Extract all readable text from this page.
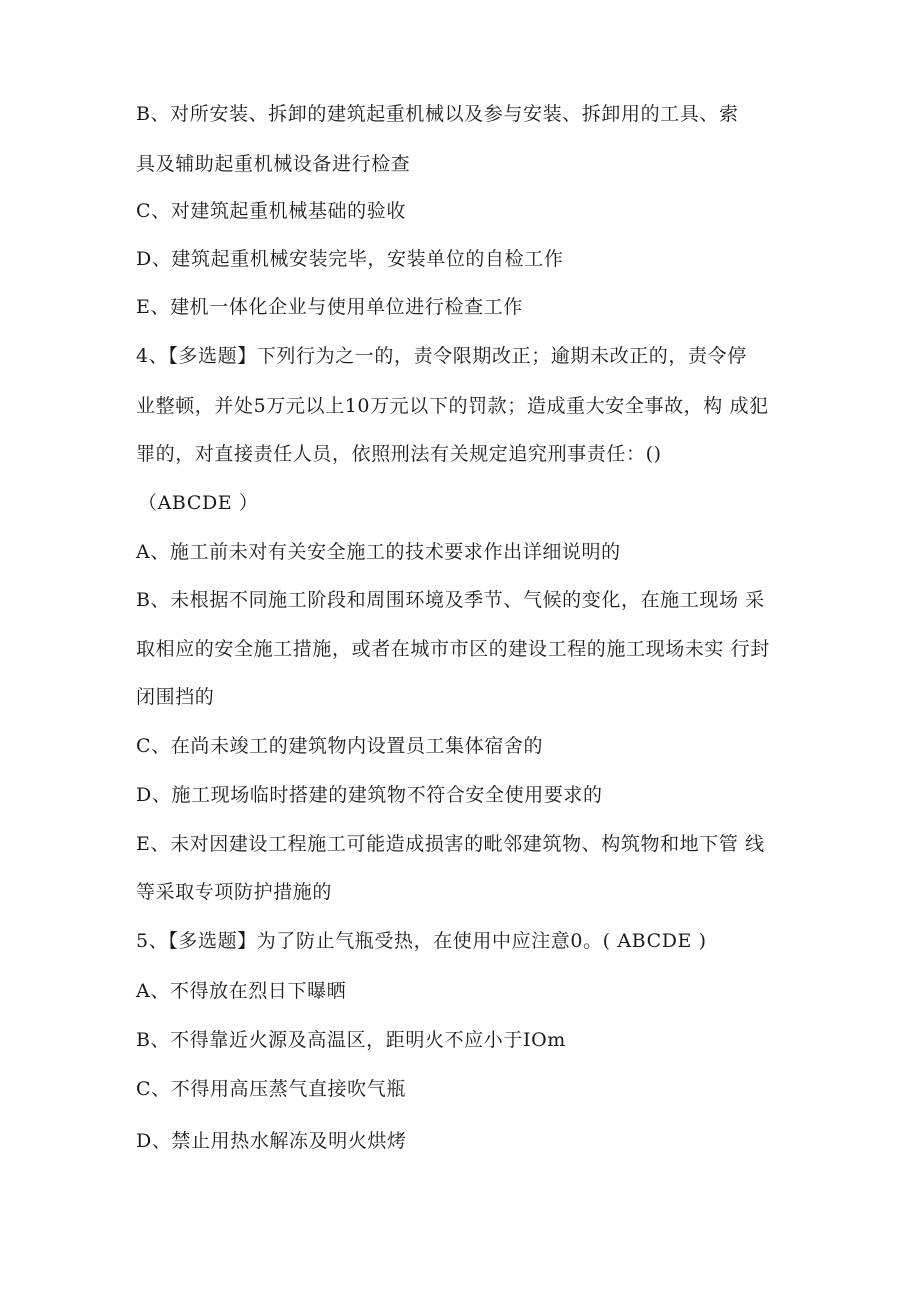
B、对所安装、拆卸的建筑起重机械以及参与安装、拆卸用的工具、索
具及辅助起重机械设备进行检查
C、对建筑起重机械基础的验收
D、建筑起重机械安装完毕，安装单位的自检工作
E、建机一体化企业与使用单位进行检查工作
4、【多选题】下列行为之一的，责令限期改正；逾期未改正的，责令停
业整顿，并处5万元以上10万元以下的罚款；造成重大安全事故，构 成犯
罪的，对直接责任人员，依照刑法有关规定追究刑事责任：()
（ABCDE ）
A、施工前未对有关安全施工的技术要求作出详细说明的
B、未根据不同施工阶段和周围环境及季节、气候的变化，在施工现场 采
取相应的安全施工措施，或者在城市市区的建设工程的施工现场未实 行封
闭围挡的
C、在尚未竣工的建筑物内设置员工集体宿舍的
D、施工现场临时搭建的建筑物不符合安全使用要求的
E、未对因建设工程施工可能造成损害的毗邻建筑物、构筑物和地下管 线
等采取专项防护措施的
5、【多选题】为了防止气瓶受热，在使用中应注意0。( ABCDE )
A、不得放在烈日下曝晒
B、不得靠近火源及高温区，距明火不应小于IOm
C、不得用高压蒸气直接吹气瓶
D、禁止用热水解冻及明火烘烤
